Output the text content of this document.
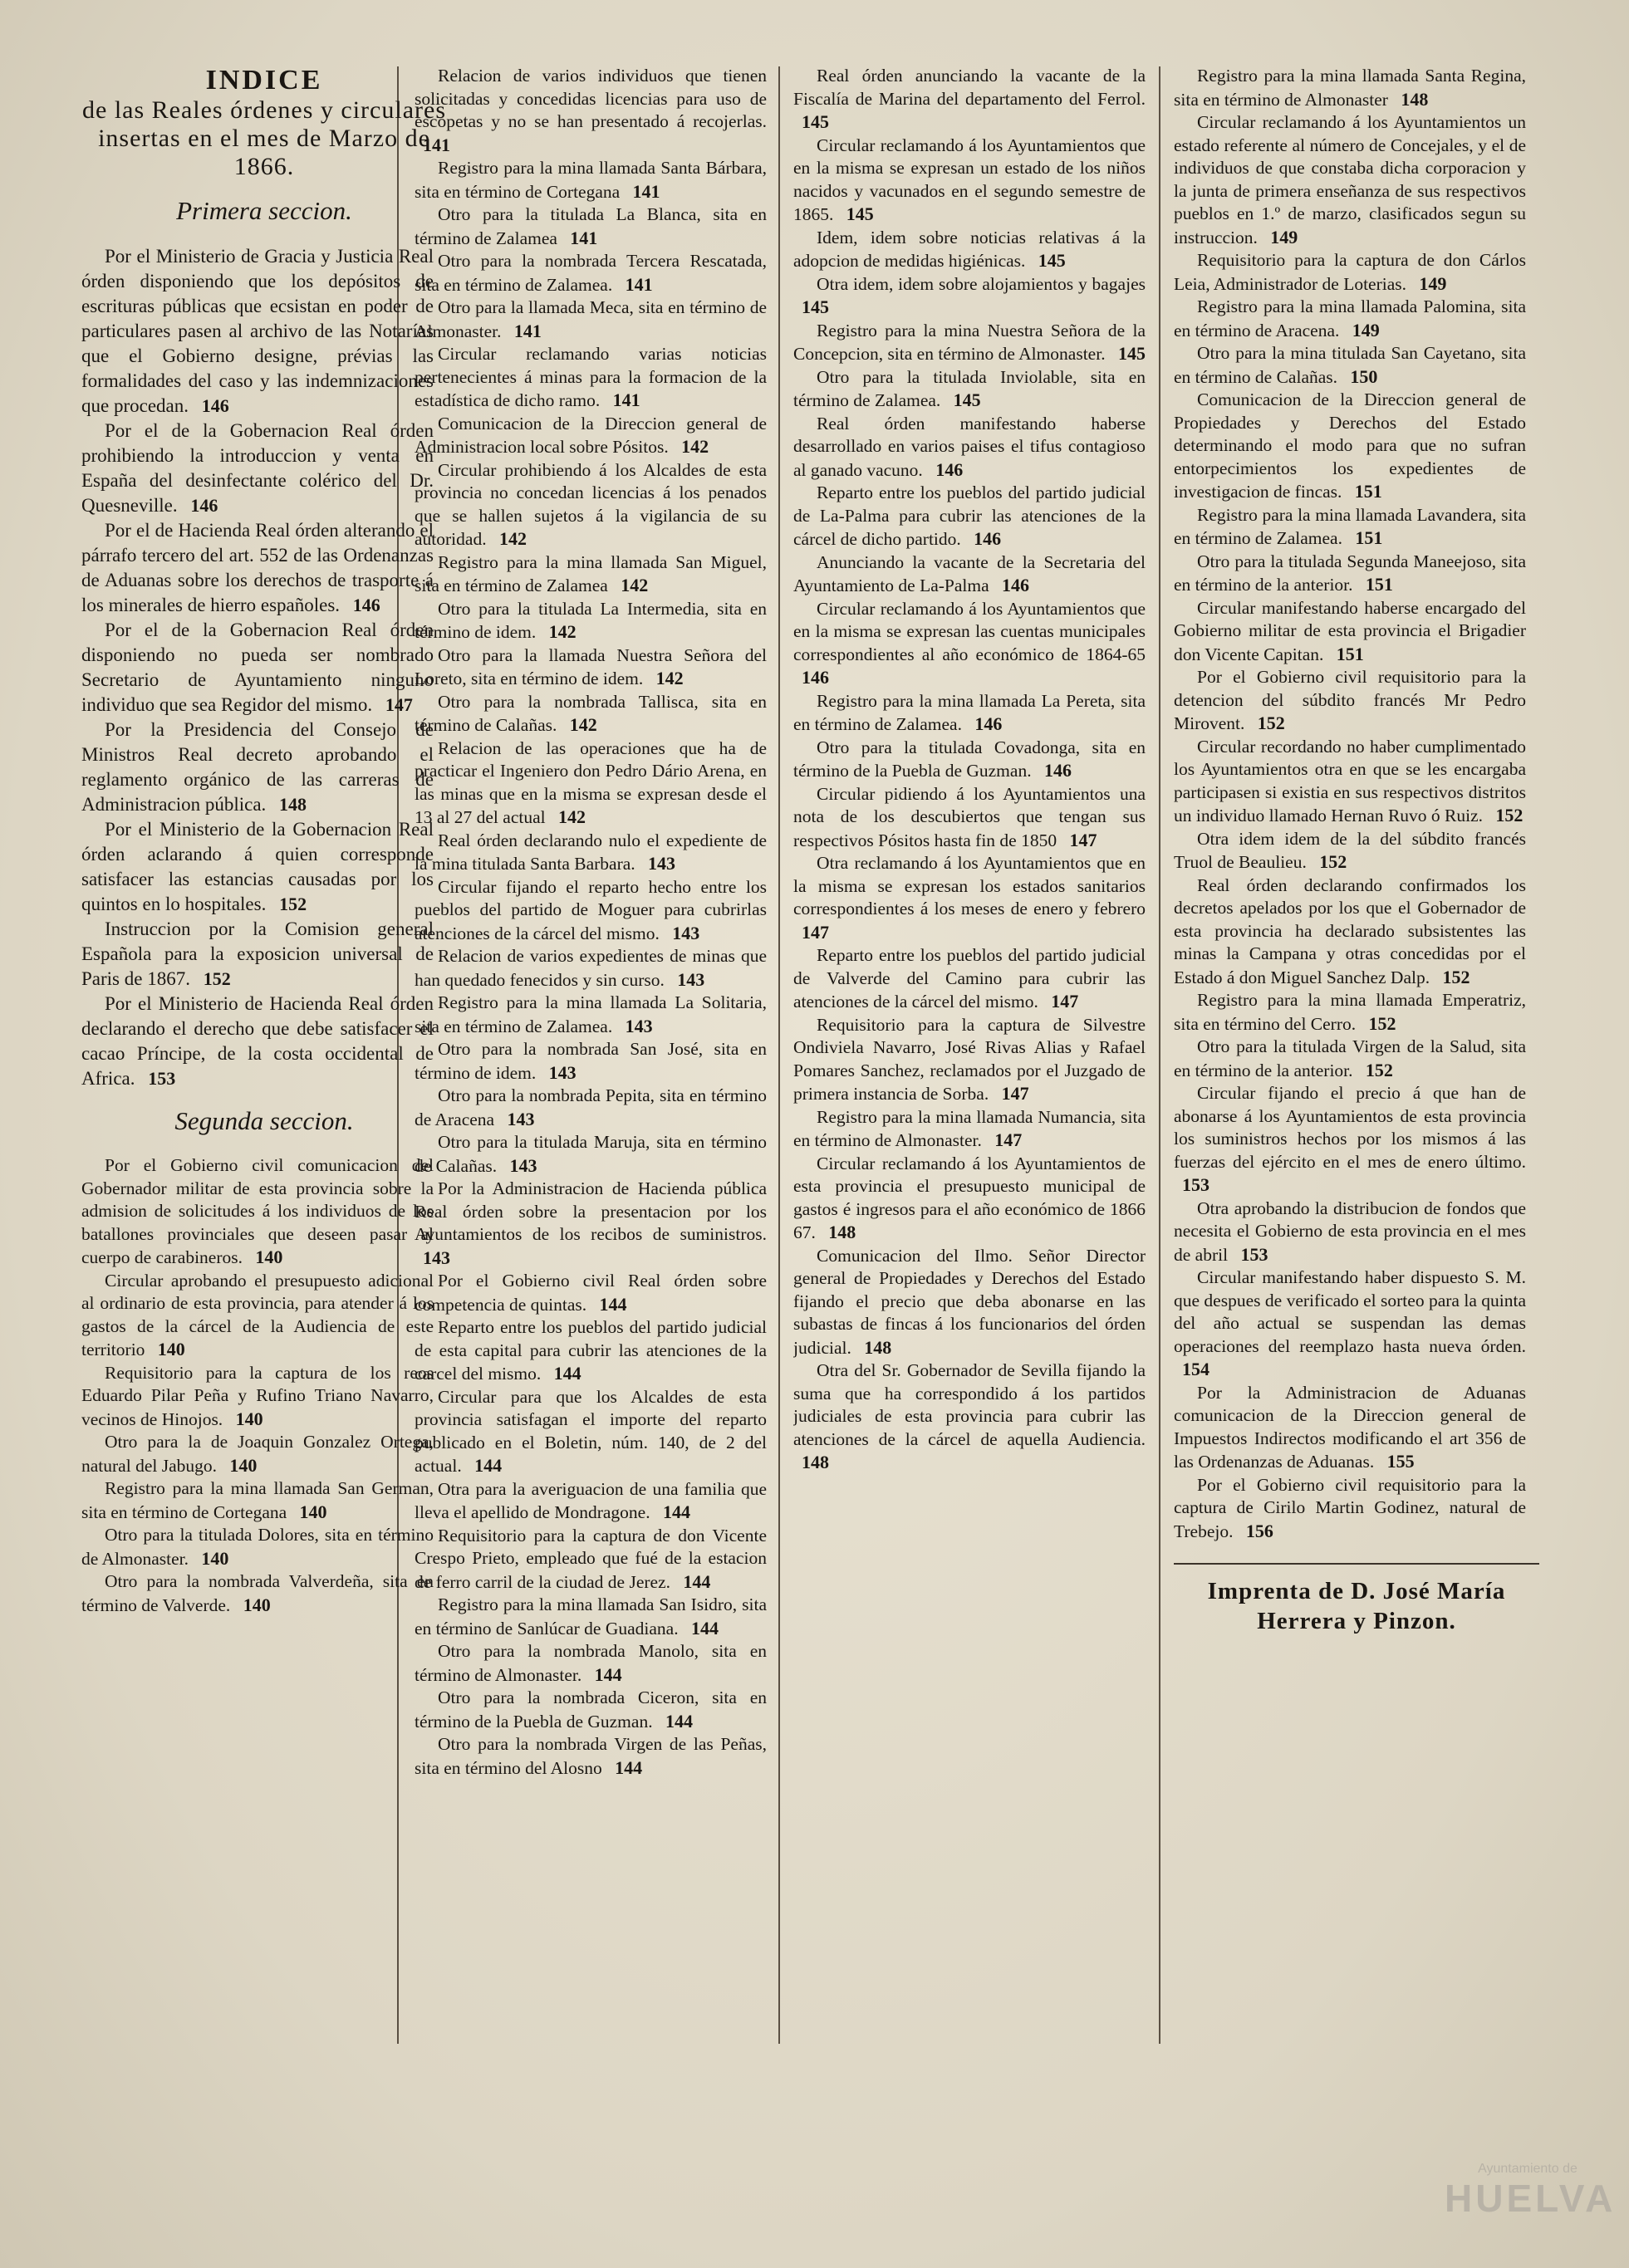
INDICE
de las Reales órdenes y circulares insertas en el mes de Marzo de 1866.
Primera seccion.
Por el Ministerio de Gracia y Justicia Real órden disponiendo que los depósitos de escrituras públicas que ecsistan en poder de particulares pasen al archivo de las Notarías que el Gobierno designe, prévias las formalidades del caso y las indemnizaciones que procedan. 146
Por el de la Gobernacion Real órden prohibiendo la introduccion y venta en España del desinfectante colérico del Dr. Quesneville. 146
Por el de Hacienda Real órden alterando el párrafo tercero del art. 552 de las Ordenanzas de Aduanas sobre los derechos de trasporte á los minerales de hierro españoles. 146
Por el de la Gobernacion Real órden disponiendo no pueda ser nombrado Secretario de Ayuntamiento ninguno individuo que sea Regidor del mismo. 147
Por la Presidencia del Consejo de Ministros Real decreto aprobando el reglamento orgánico de las carreras de Administracion pública. 148
Por el Ministerio de la Gobernacion Real órden aclarando á quien corresponde satisfacer las estancias causadas por los quintos en lo hospitales. 152
Instruccion por la Comision general Española para la exposicion universal de Paris de 1867. 152
Por el Ministerio de Hacienda Real órden declarando el derecho que debe satisfacer el cacao Príncipe, de la costa occidental de Africa. 153
Segunda seccion.
Por el Gobierno civil comunicacion del Gobernador militar de esta provincia sobre la admision de solicitudes á los individuos de los batallones provinciales que deseen pasar al cuerpo de carabineros. 140
Circular aprobando el presupuesto adicional al ordinario de esta provincia, para atender á los gastos de la cárcel de la Audiencia de este territorio 140
Requisitorio para la captura de los reos Eduardo Pilar Peña y Rufino Triano Navarro, vecinos de Hinojos. 140
Otro para la de Joaquin Gonzalez Ortega, natural del Jabugo. 140
Registro para la mina llamada San German, sita en término de Cortegana 140
Otro para la titulada Dolores, sita en término de Almonaster. 140
Otro para la nombrada Valverdeña, sita en término de Valverde. 140
Relacion de varios individuos que tienen solicitadas y concedidas licencias para uso de escopetas y no se han presentado á recojerlas. 141
Registro para la mina llamada Santa Bárbara, sita en término de Cortegana 141
Otro para la titulada La Blanca, sita en término de Zalamea 141
Otro para la nombrada Tercera Rescatada, sita en término de Zalamea. 141
Otro para la llamada Meca, sita en término de Almonaster. 141
Circular reclamando varias noticias pertenecientes á minas para la formacion de la estadística de dicho ramo. 141
Comunicacion de la Direccion general de Administracion local sobre Pósitos. 142
Circular prohibiendo á los Alcaldes de esta provincia no concedan licencias á los penados que se hallen sujetos á la vigilancia de su autoridad. 142
Registro para la mina llamada San Miguel, sita en término de Zalamea 142
Otro para la titulada La Intermedia, sita en término de idem. 142
Otro para la llamada Nuestra Señora del Loreto, sita en término de idem. 142
Otro para la nombrada Tallisca, sita en término de Calañas. 142
Relacion de las operaciones que ha de practicar el Ingeniero don Pedro Dário Arena, en las minas que en la misma se expresan desde el 13 al 27 del actual 142
Real órden declarando nulo el expediente de la mina titulada Santa Barbara. 143
Circular fijando el reparto hecho entre los pueblos del partido de Moguer para cubrirlas atenciones de la cárcel del mismo. 143
Relacion de varios expedientes de minas que han quedado fenecidos y sin curso. 143
Registro para la mina llamada La Solitaria, sita en término de Zalamea. 143
Otro para la nombrada San José, sita en término de idem. 143
Otro para la nombrada Pepita, sita en término de Aracena 143
Otro para la titulada Maruja, sita en término de Calañas. 143
Por la Administracion de Hacienda pública Real órden sobre la presentacion por los Ayuntamientos de los recibos de suministros. 143
Por el Gobierno civil Real órden sobre competencia de quintas. 144
Reparto entre los pueblos del partido judicial de esta capital para cubrir las atenciones de la carcel del mismo. 144
Circular para que los Alcaldes de esta provincia satisfagan el importe del reparto publicado en el Boletin, núm. 140, de 2 del actual. 144
Otra para la averiguacion de una familia que lleva el apellido de Mondragone. 144
Requisitorio para la captura de don Vicente Crespo Prieto, empleado que fué de la estacion de ferro carril de la ciudad de Jerez. 144
Registro para la mina llamada San Isidro, sita en término de Sanlúcar de Guadiana. 144
Otro para la nombrada Manolo, sita en término de Almonaster. 144
Otro para la nombrada Ciceron, sita en término de la Puebla de Guzman. 144
Otro para la nombrada Virgen de las Peñas, sita en término del Alosno 144
Real órden anunciando la vacante de la Fiscalía de Marina del departamento del Ferrol. 145
Circular reclamando á los Ayuntamientos que en la misma se expresan un estado de los niños nacidos y vacunados en el segundo semestre de 1865. 145
Idem, idem sobre noticias relativas á la adopcion de medidas higiénicas. 145
Otra idem, idem sobre alojamientos y bagajes 145
Registro para la mina Nuestra Señora de la Concepcion, sita en término de Almonaster. 145
Otro para la titulada Inviolable, sita en término de Zalamea. 145
Real órden manifestando haberse desarrollado en varios paises el tifus contagioso al ganado vacuno. 146
Reparto entre los pueblos del partido judicial de La-Palma para cubrir las atenciones de la cárcel de dicho partido. 146
Anunciando la vacante de la Secretaria del Ayuntamiento de La-Palma 146
Circular reclamando á los Ayuntamientos que en la misma se expresan las cuentas municipales correspondientes al año económico de 1864-65 146
Registro para la mina llamada La Pereta, sita en término de Zalamea. 146
Otro para la titulada Covadonga, sita en término de la Puebla de Guzman. 146
Circular pidiendo á los Ayuntamientos una nota de los descubiertos que tengan sus respectivos Pósitos hasta fin de 1850 147
Otra reclamando á los Ayuntamientos que en la misma se expresan los estados sanitarios correspondientes á los meses de enero y febrero 147
Reparto entre los pueblos del partido judicial de Valverde del Camino para cubrir las atenciones de la cárcel del mismo. 147
Requisitorio para la captura de Silvestre Ondiviela Navarro, José Rivas Alias y Rafael Pomares Sanchez, reclamados por el Juzgado de primera instancia de Sorba. 147
Registro para la mina llamada Numancia, sita en término de Almonaster. 147
Circular reclamando á los Ayuntamientos de esta provincia el presupuesto municipal de gastos é ingresos para el año económico de 1866 67. 148
Comunicacion del Ilmo. Señor Director general de Propiedades y Derechos del Estado fijando el precio que deba abonarse en las subastas de fincas á los funcionarios del órden judicial. 148
Otra del Sr. Gobernador de Sevilla fijando la suma que ha correspondido á los partidos judiciales de esta provincia para cubrir las atenciones de la cárcel de aquella Audiencia. 148
Registro para la mina llamada Santa Regina, sita en término de Almonaster 148
Circular reclamando á los Ayuntamientos un estado referente al número de Concejales, y el de individuos de que constaba dicha corporacion y la junta de primera enseñanza de sus respectivos pueblos en 1.º de marzo, clasificados segun su instruccion. 149
Requisitorio para la captura de don Cárlos Leia, Administrador de Loterias. 149
Registro para la mina llamada Palomina, sita en término de Aracena. 149
Otro para la mina titulada San Cayetano, sita en término de Calañas. 150
Comunicacion de la Direccion general de Propiedades y Derechos del Estado determinando el modo para que no sufran entorpecimientos los expedientes de investigacion de fincas. 151
Registro para la mina llamada Lavandera, sita en término de Zalamea. 151
Otro para la titulada Segunda Maneejoso, sita en término de la anterior. 151
Circular manifestando haberse encargado del Gobierno militar de esta provincia el Brigadier don Vicente Capitan. 151
Por el Gobierno civil requisitorio para la detencion del súbdito francés Mr Pedro Mirovent. 152
Circular recordando no haber cumplimentado los Ayuntamientos otra en que se les encargaba participasen si existia en sus respectivos distritos un individuo llamado Hernan Ruvo ó Ruiz. 152
Otra idem idem de la del súbdito francés Truol de Beaulieu. 152
Real órden declarando confirmados los decretos apelados por los que el Gobernador de esta provincia ha declarado subsistentes las minas la Campana y otras concedidas por el Estado á don Miguel Sanchez Dalp. 152
Registro para la mina llamada Emperatriz, sita en término del Cerro. 152
Otro para la titulada Virgen de la Salud, sita en término de la anterior. 152
Circular fijando el precio á que han de abonarse á los Ayuntamientos de esta provincia los suministros hechos por los mismos á las fuerzas del ejército en el mes de enero último. 153
Otra aprobando la distribucion de fondos que necesita el Gobierno de esta provincia en el mes de abril 153
Circular manifestando haber dispuesto S. M. que despues de verificado el sorteo para la quinta del año actual se suspendan las demas operaciones del reemplazo hasta nueva órden. 154
Por la Administracion de Aduanas comunicacion de la Direccion general de Impuestos Indirectos modificando el art 356 de las Ordenanzas de Aduanas. 155
Por el Gobierno civil requisitorio para la captura de Cirilo Martin Godinez, natural de Trebejo. 156
Imprenta de D. José María
Herrera y Pinzon.
Ayuntamiento de
HUELVA
